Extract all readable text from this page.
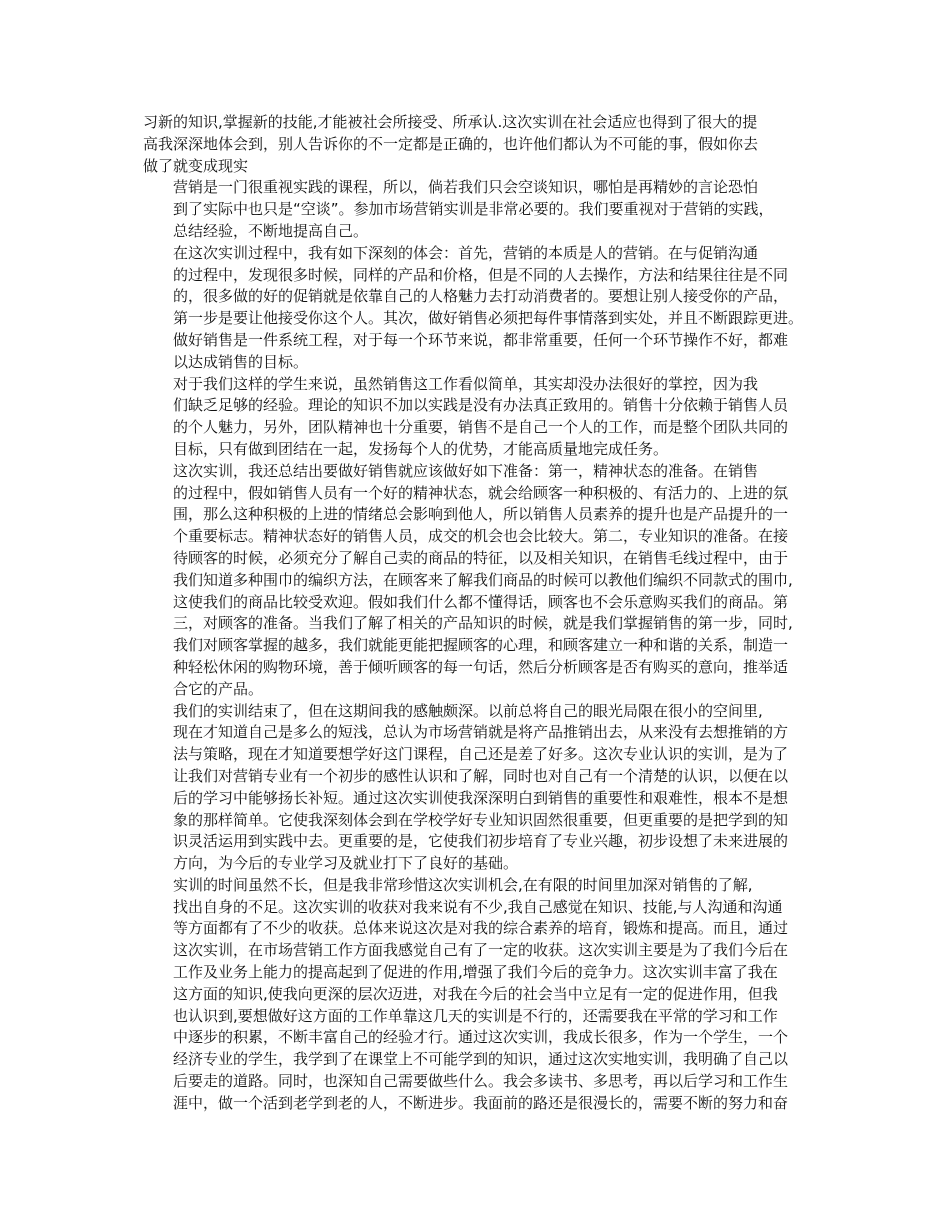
习新的知识,掌握新的技能,才能被社会所接受、所承认.这次实训在社会适应也得到了很大的提
高我深深地体会到，别人告诉你的不一定都是正确的，也许他们都认为不可能的事，假如你去
做了就变成现实

营销是一门很重视实践的课程，所以，倘若我们只会空谈知识，哪怕是再精妙的言论恐怕
到了实际中也只是“空谈”。参加市场营销实训是非常必要的。我们要重视对于营销的实践，
总结经验，不断地提高自己。

在这次实训过程中，我有如下深刻的体会：首先，营销的本质是人的营销。在与促销沟通
的过程中，发现很多时候，同样的产品和价格，但是不同的人去操作，方法和结果往往是不同
的，很多做的好的促销就是依靠自己的人格魅力去打动消费者的。要想让别人接受你的产品，
第一步是要让他接受你这个人。其次，做好销售必须把每件事情落到实处，并且不断跟踪更进。
做好销售是一件系统工程，对于每一个环节来说，都非常重要，任何一个环节操作不好，都难
以达成销售的目标。

对于我们这样的学生来说，虽然销售这工作看似简单，其实却没办法很好的掌控，因为我
们缺乏足够的经验。理论的知识不加以实践是没有办法真正致用的。销售十分依赖于销售人员
的个人魅力，另外，团队精神也十分重要，销售不是自己一个人的工作，而是整个团队共同的
目标，只有做到团结在一起，发扬每个人的优势，才能高质量地完成任务。

这次实训，我还总结出要做好销售就应该做好如下准备：第一，精神状态的准备。在销售
的过程中，假如销售人员有一个好的精神状态，就会给顾客一种积极的、有活力的、上进的氛
围，那么这种积极的上进的情绪总会影响到他人，所以销售人员素养的提升也是产品提升的一
个重要标志。精神状态好的销售人员，成交的机会也会比较大。第二，专业知识的准备。在接
待顾客的时候，必须充分了解自己卖的商品的特征，以及相关知识，在销售毛线过程中，由于
我们知道多种围巾的编织方法，在顾客来了解我们商品的时候可以教他们编织不同款式的围巾,
这使我们的商品比较受欢迎。假如我们什么都不懂得话，顾客也不会乐意购买我们的商品。第
三，对顾客的准备。当我们了解了相关的产品知识的时候，就是我们掌握销售的第一步，同时,
我们对顾客掌握的越多，我们就能更能把握顾客的心理，和顾客建立一种和谐的关系，制造一
种轻松休闲的购物环境，善于倾听顾客的每一句话，然后分析顾客是否有购买的意向，推举适
合它的产品。

我们的实训结束了，但在这期间我的感触颇深。以前总将自己的眼光局限在很小的空间里,
现在才知道自己是多么的短浅，总认为市场营销就是将产品推销出去，从来没有去想推销的方
法与策略，现在才知道要想学好这门课程，自己还是差了好多。这次专业认识的实训，是为了
让我们对营销专业有一个初步的感性认识和了解，同时也对自己有一个清楚的认识，以便在以
后的学习中能够扬长补短。通过这次实训使我深深明白到销售的重要性和艰难性，根本不是想
象的那样简单。它使我深刻体会到在学校学好专业知识固然很重要，但更重要的是把学到的知
识灵活运用到实践中去。更重要的是，它使我们初步培育了专业兴趣，初步设想了未来进展的
方向，为今后的专业学习及就业打下了良好的基础。

实训的时间虽然不长，但是我非常珍惜这次实训机会,在有限的时间里加深对销售的了解,
找出自身的不足。这次实训的收获对我来说有不少,我自己感觉在知识、技能,与人沟通和沟通
等方面都有了不少的收获。总体来说这次是对我的综合素养的培育，锻炼和提高。而且，通过
这次实训，在市场营销工作方面我感觉自己有了一定的收获。这次实训主要是为了我们今后在
工作及业务上能力的提高起到了促进的作用,增强了我们今后的竞争力。这次实训丰富了我在
这方面的知识,使我向更深的层次迈进，对我在今后的社会当中立足有一定的促进作用，但我
也认识到,要想做好这方面的工作单靠这几天的实训是不行的，还需要我在平常的学习和工作
中逐步的积累，不断丰富自己的经验才行。通过这次实训，我成长很多，作为一个学生，一个
经济专业的学生，我学到了在课堂上不可能学到的知识，通过这次实地实训，我明确了自己以
后要走的道路。同时，也深知自己需要做些什么。我会多读书、多思考，再以后学习和工作生
涯中，做一个活到老学到老的人，不断进步。我面前的路还是很漫长的，需要不断的努力和奋
